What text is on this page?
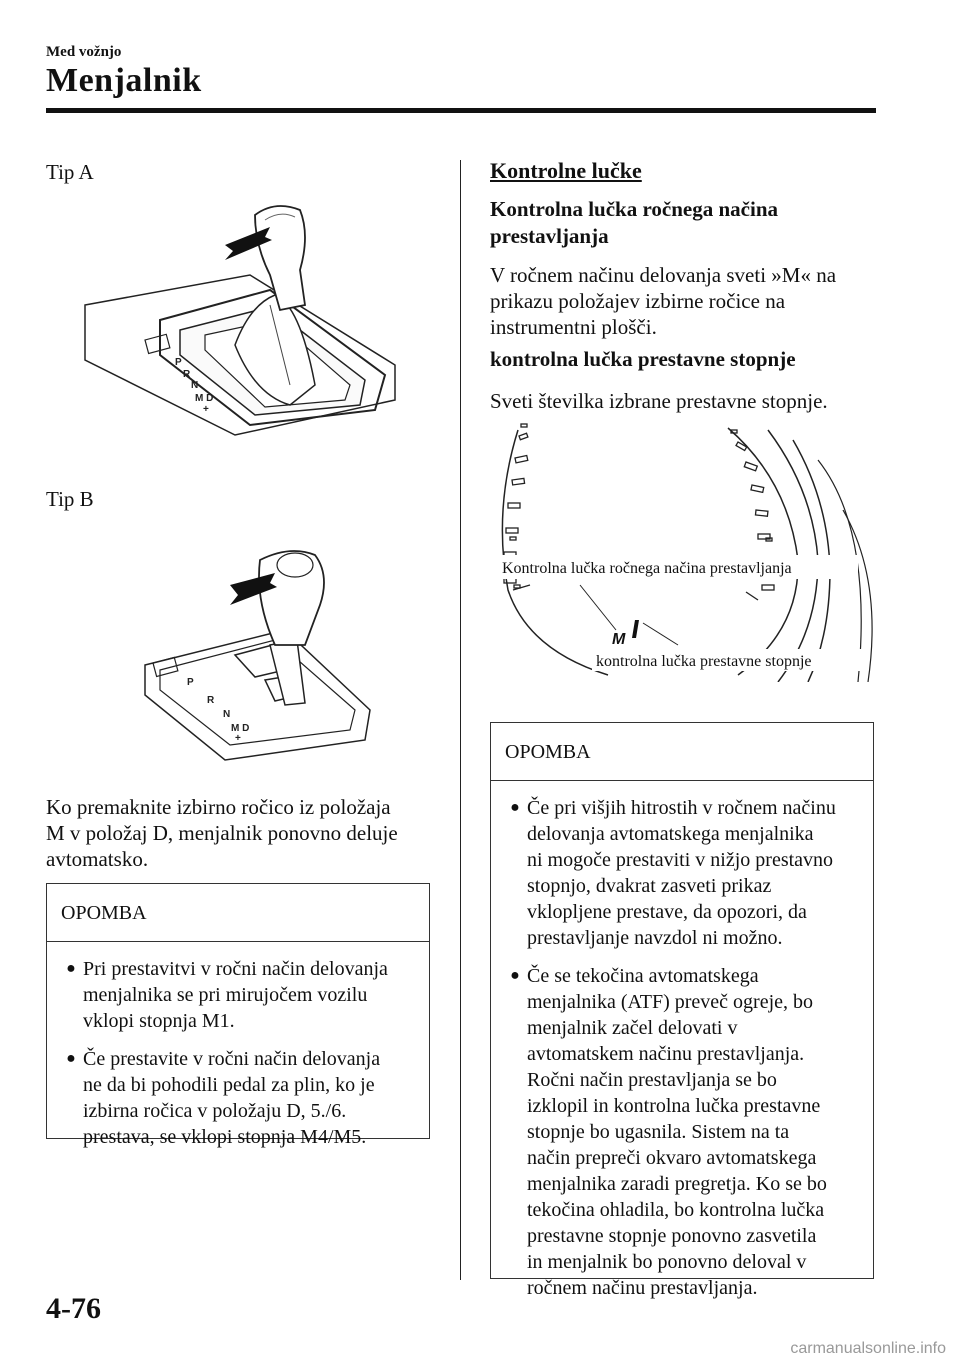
Med vožnjo
Menjalnik
Tip A
P
R
N
M D
+
Tip B
P
R
N
M D
+
Ko premaknite izbirno ročico iz položaja
M v položaj D, menjalnik ponovno deluje
avtomatsko.
OPOMBA
● Pri prestavitvi v ročni način delovanja
menjalnika se pri mirujočem vozilu
vklopi stopnja M1.
● Če prestavite v ročni način delovanja
ne da bi pohodili pedal za plin, ko je
izbirna ročica v položaju D, 5./6.
prestava, se vklopi stopnja M4/M5.
Kontrolne lučke
Kontrolna lučka ročnega načina
prestavljanja
V ročnem načinu delovanja sveti »M« na
prikazu položajev izbirne ročice na
instrumentni plošči.
kontrolna lučka prestavne stopnje
Sveti številka izbrane prestavne stopnje.
M
Kontrolna lučka ročnega načina prestavljanja
kontrolna lučka prestavne stopnje
OPOMBA
● Če pri višjih hitrostih v ročnem načinu
delovanja avtomatskega menjalnika
ni mogoče prestaviti v nižjo prestavno
stopnjo, dvakrat zasveti prikaz
vklopljene prestave, da opozori, da
prestavljanje navzdol ni možno.
● Če se tekočina avtomatskega
menjalnika (ATF) preveč ogreje, bo
menjalnik začel delovati v
avtomatskem načinu prestavljanja.
Ročni način prestavljanja se bo
izklopil in kontrolna lučka prestavne
stopnje bo ugasnila. Sistem na ta
način prepreči okvaro avtomatskega
menjalnika zaradi pregretja. Ko se bo
tekočina ohladila, bo kontrolna lučka
prestavne stopnje ponovno zasvetila
in menjalnik bo ponovno deloval v
ročnem načinu prestavljanja.
4-76
carmanualsonline.info
